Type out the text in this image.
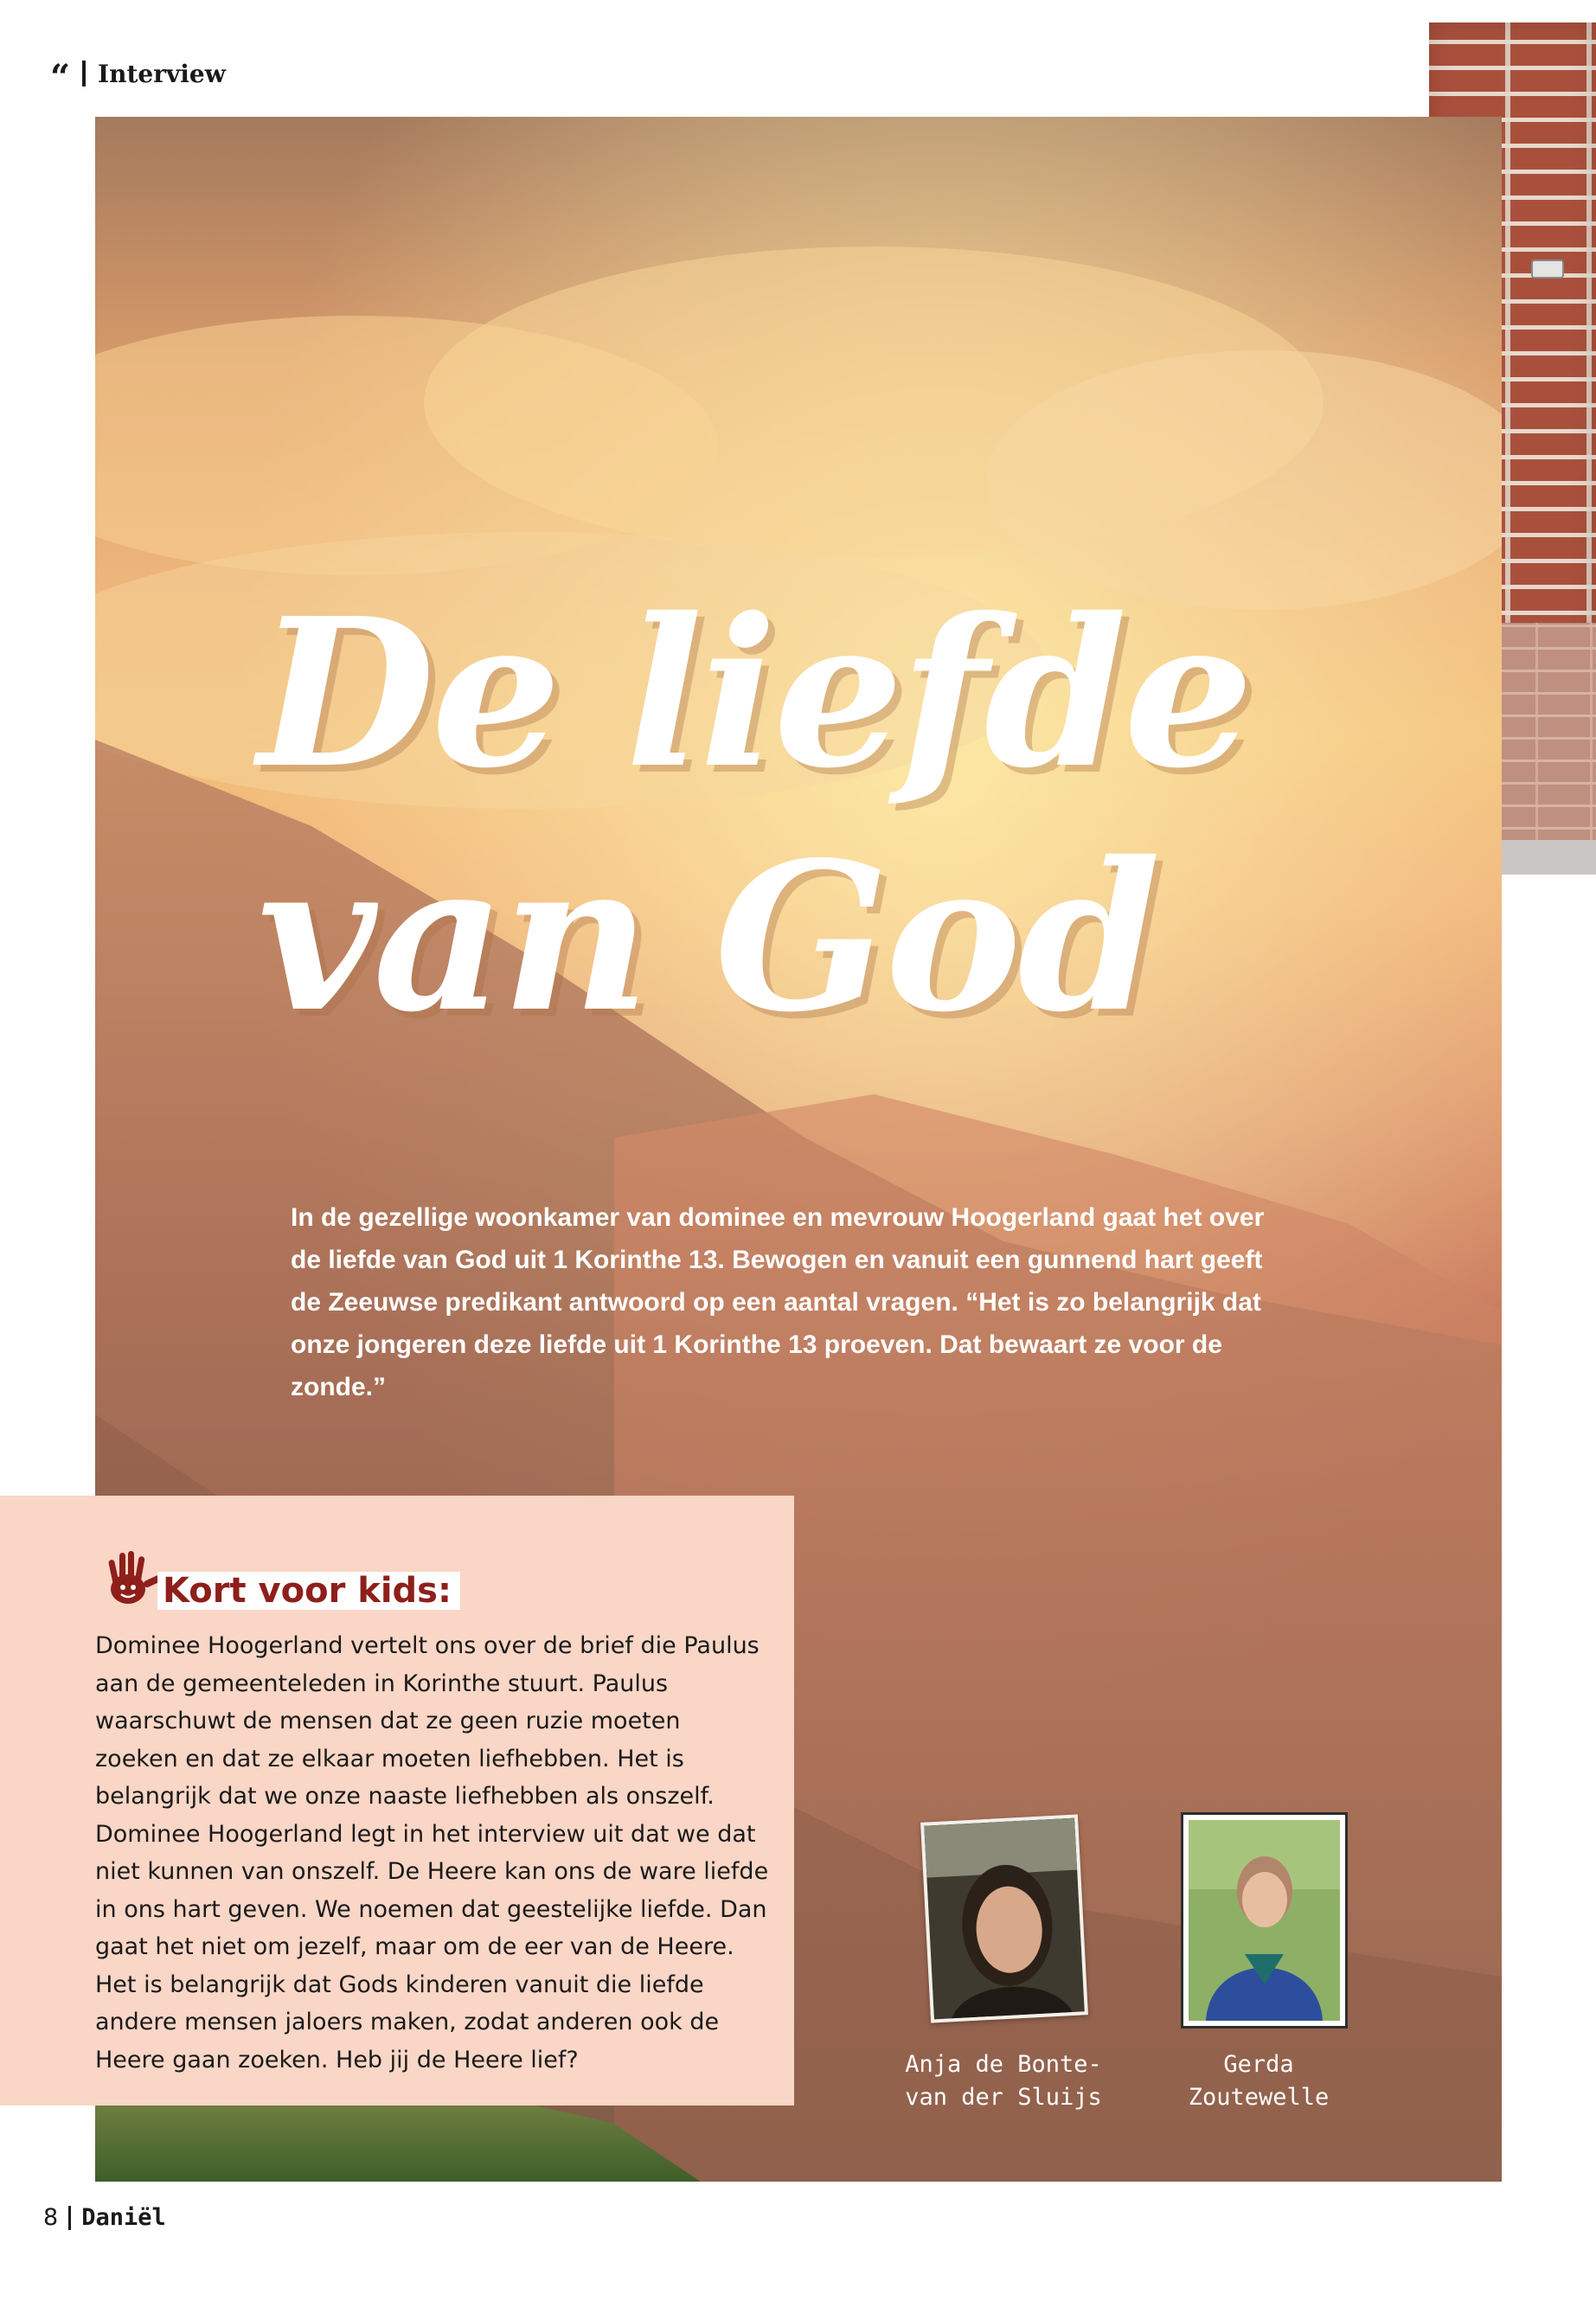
“ Interview
De liefde
van God
In de gezellige woonkamer van dominee en mevrouw Hoogerland gaat het over de liefde van God uit 1 Korinthe 13. Bewogen en vanuit een gunnend hart geeft de Zeeuwse predikant antwoord op een aantal vragen. “Het is zo belangrijk dat onze jongeren deze liefde uit 1 Korinthe 13 proeven. Dat bewaart ze voor de zonde.”
Kort voor kids:
Dominee Hoogerland vertelt ons over de brief die Paulus aan de gemeenteleden in Korinthe stuurt. Paulus waarschuwt de mensen dat ze geen ruzie moeten zoeken en dat ze elkaar moeten liefhebben. Het is belangrijk dat we onze naaste liefhebben als onszelf. Dominee Hoogerland legt in het interview uit dat we dat niet kunnen van onszelf. De Heere kan ons de ware liefde in ons hart geven. We noemen dat geestelijke liefde. Dan gaat het niet om jezelf, maar om de eer van de Heere. Het is belangrijk dat Gods kinderen vanuit die liefde andere mensen jaloers maken, zodat anderen ook de Heere gaan zoeken. Heb jij de Heere lief?	Anja de Bonte-
van der Sluijs
Gerda
Zoutewelle
8 Daniël
